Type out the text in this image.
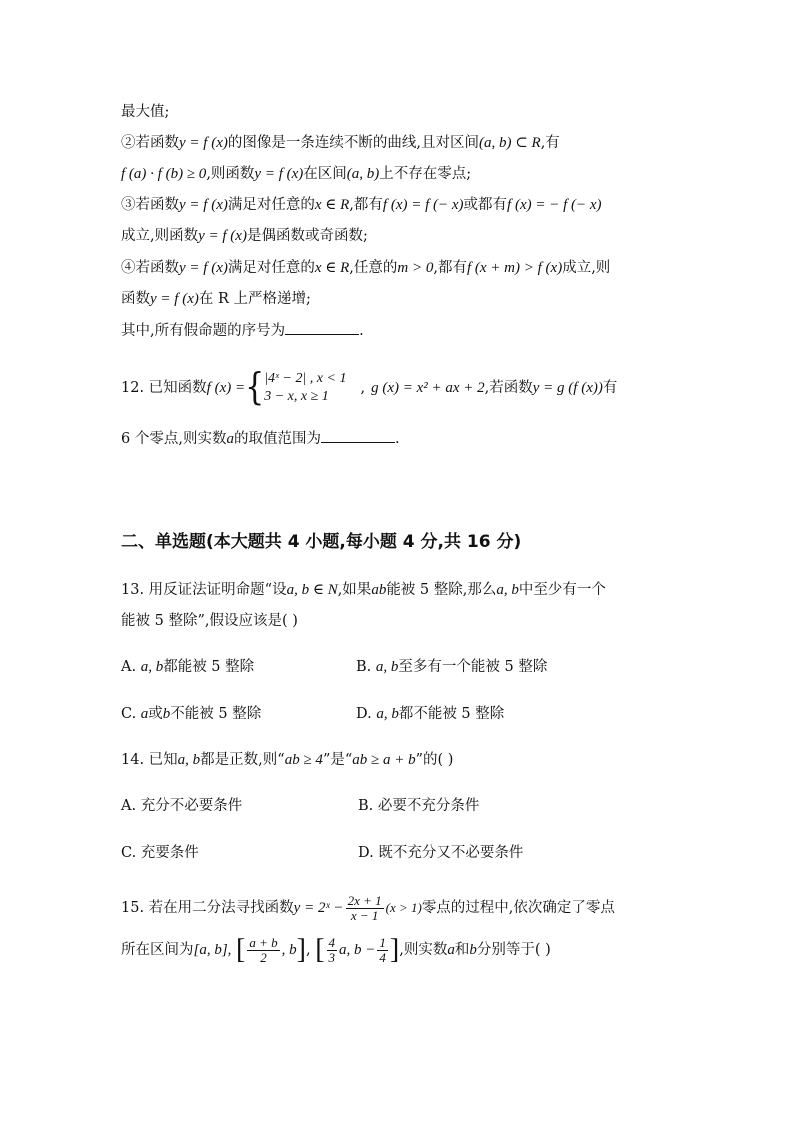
最大值;
②若函数y = f (x)的图像是一条连续不断的曲线,且对区间(a, b) ⊂ R,有
f (a) · f (b) ≥ 0,则函数y = f (x)在区间(a, b)上不存在零点;
③若函数y = f (x)满足对任意的x ∈ R,都有f (x) = f (− x)或都有f (x) = − f (− x)
成立,则函数y = f (x)是偶函数或奇函数;
④若函数y = f (x)满足对任意的x ∈ R,任意的m > 0,都有f (x + m) > f (x)成立,则
函数y = f (x)在 R 上严格递增;
其中,所有假命题的序号为	.
12. 已知函数f (x) ={ |4ˣ − 2| , x < 1
3 − x, x ≥ 1
, g (x) = x² + ax + 2,若函数y = g (f (x))有
6 个零点,则实数a的取值范围为	.
二、单选题(本大题共 4 小题,每小题 4 分,共 16 分)
13. 用反证法证明命题“设a, b ∈ N,如果ab能被 5 整除,那么a, b中至少有一个
能被 5 整除”,假设应该是( )
A. a, b都能被 5 整除	B. a, b至多有一个能被 5 整除
C. a或b不能被 5 整除	D. a, b都不能被 5 整除
14. 已知a, b都是正数,则“ab ≥ 4”是“ab ≥ a + b”的( )
A. 充分不必要条件	B. 必要不充分条件
C. 充要条件	D. 既不充分又不必要条件
15. 若在用二分法寻找函数y = 2ˣ − $\frac{2x + 1}{x - 1} (x > 1)$零点的过程中,依次确定了零点
所在区间为[a, b], [ $\frac{a + b}{2}$ , b], [ $\frac{4}{3} a$, $b - \frac{1}{4}$ ],则实数a和b分别等于( )
